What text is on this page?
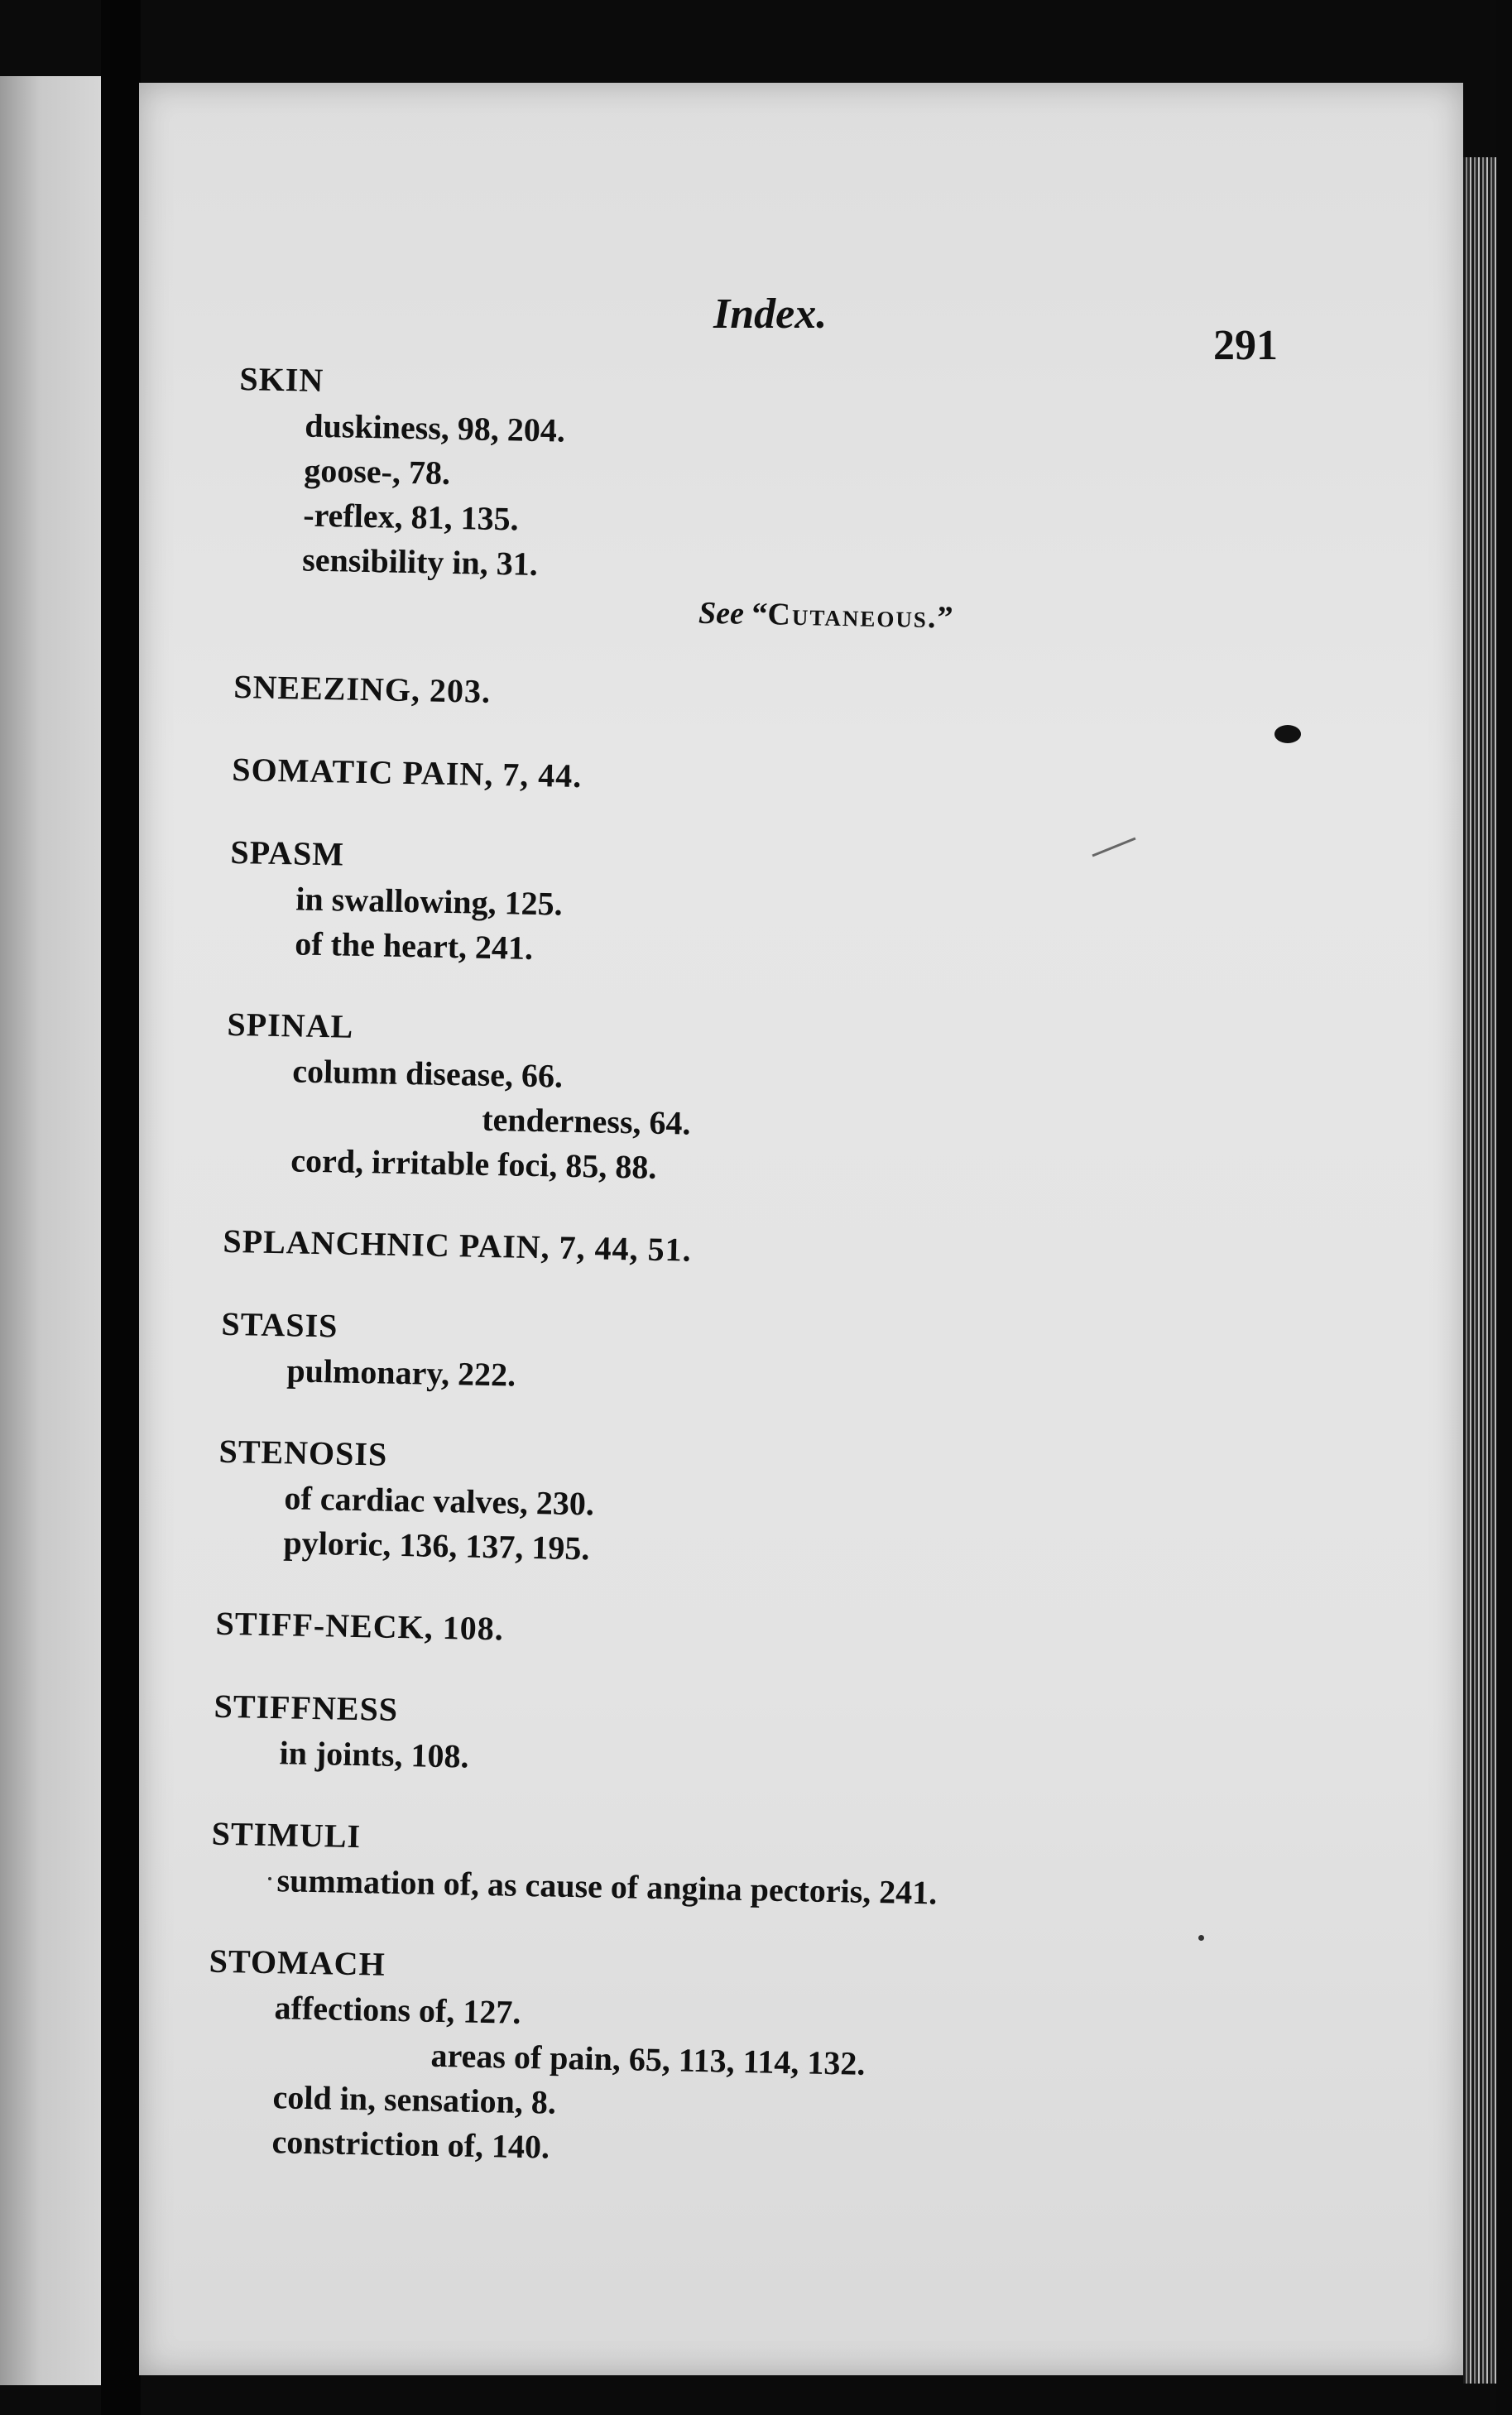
Index.
291
SKIN
duskiness, 98, 204.
goose-, 78.
-reflex, 81, 135.
sensibility in, 31.
See “Cutaneous.”
SNEEZING, 203.
SOMATIC PAIN, 7, 44.
SPASM
in swallowing, 125.
of the heart, 241.
SPINAL
column disease, 66.
tenderness, 64.
cord, irritable foci, 85, 88.
SPLANCHNIC PAIN, 7, 44, 51.
STASIS
pulmonary, 222.
STENOSIS
of cardiac valves, 230.
pyloric, 136, 137, 195.
STIFF-NECK, 108.
STIFFNESS
in joints, 108.
STIMULI
summation of, as cause of angina pectoris, 241.
STOMACH
affections of, 127.
areas of pain, 65, 113, 114, 132.
cold in, sensation, 8.
constriction of, 140.
